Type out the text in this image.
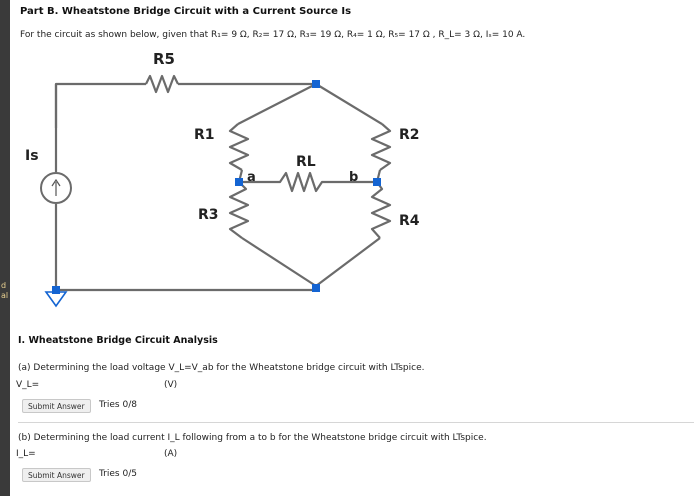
d
al
Part B. Wheatstone Bridge Circuit with a Current Source Is
For the circuit as shown below, given that R₁= 9 Ω, R₂= 17 Ω, R₃= 19 Ω, R₄= 1 Ω, R₅= 17 Ω , R_L= 3 Ω, Iₛ= 10 A.
R5
R1	R2
R3	R4
RL
Is
a	b
I. Wheatstone Bridge Circuit Analysis
(a) Determining the load voltage V_L=V_ab for the Wheatstone bridge circuit with LTspice.
V_L=	(V)
Submit Answer	Tries 0/8
(b) Determining the load current I_L following from a to b for the Wheatstone bridge circuit with LTspice.
I_L=	(A)
Submit Answer	Tries 0/5
